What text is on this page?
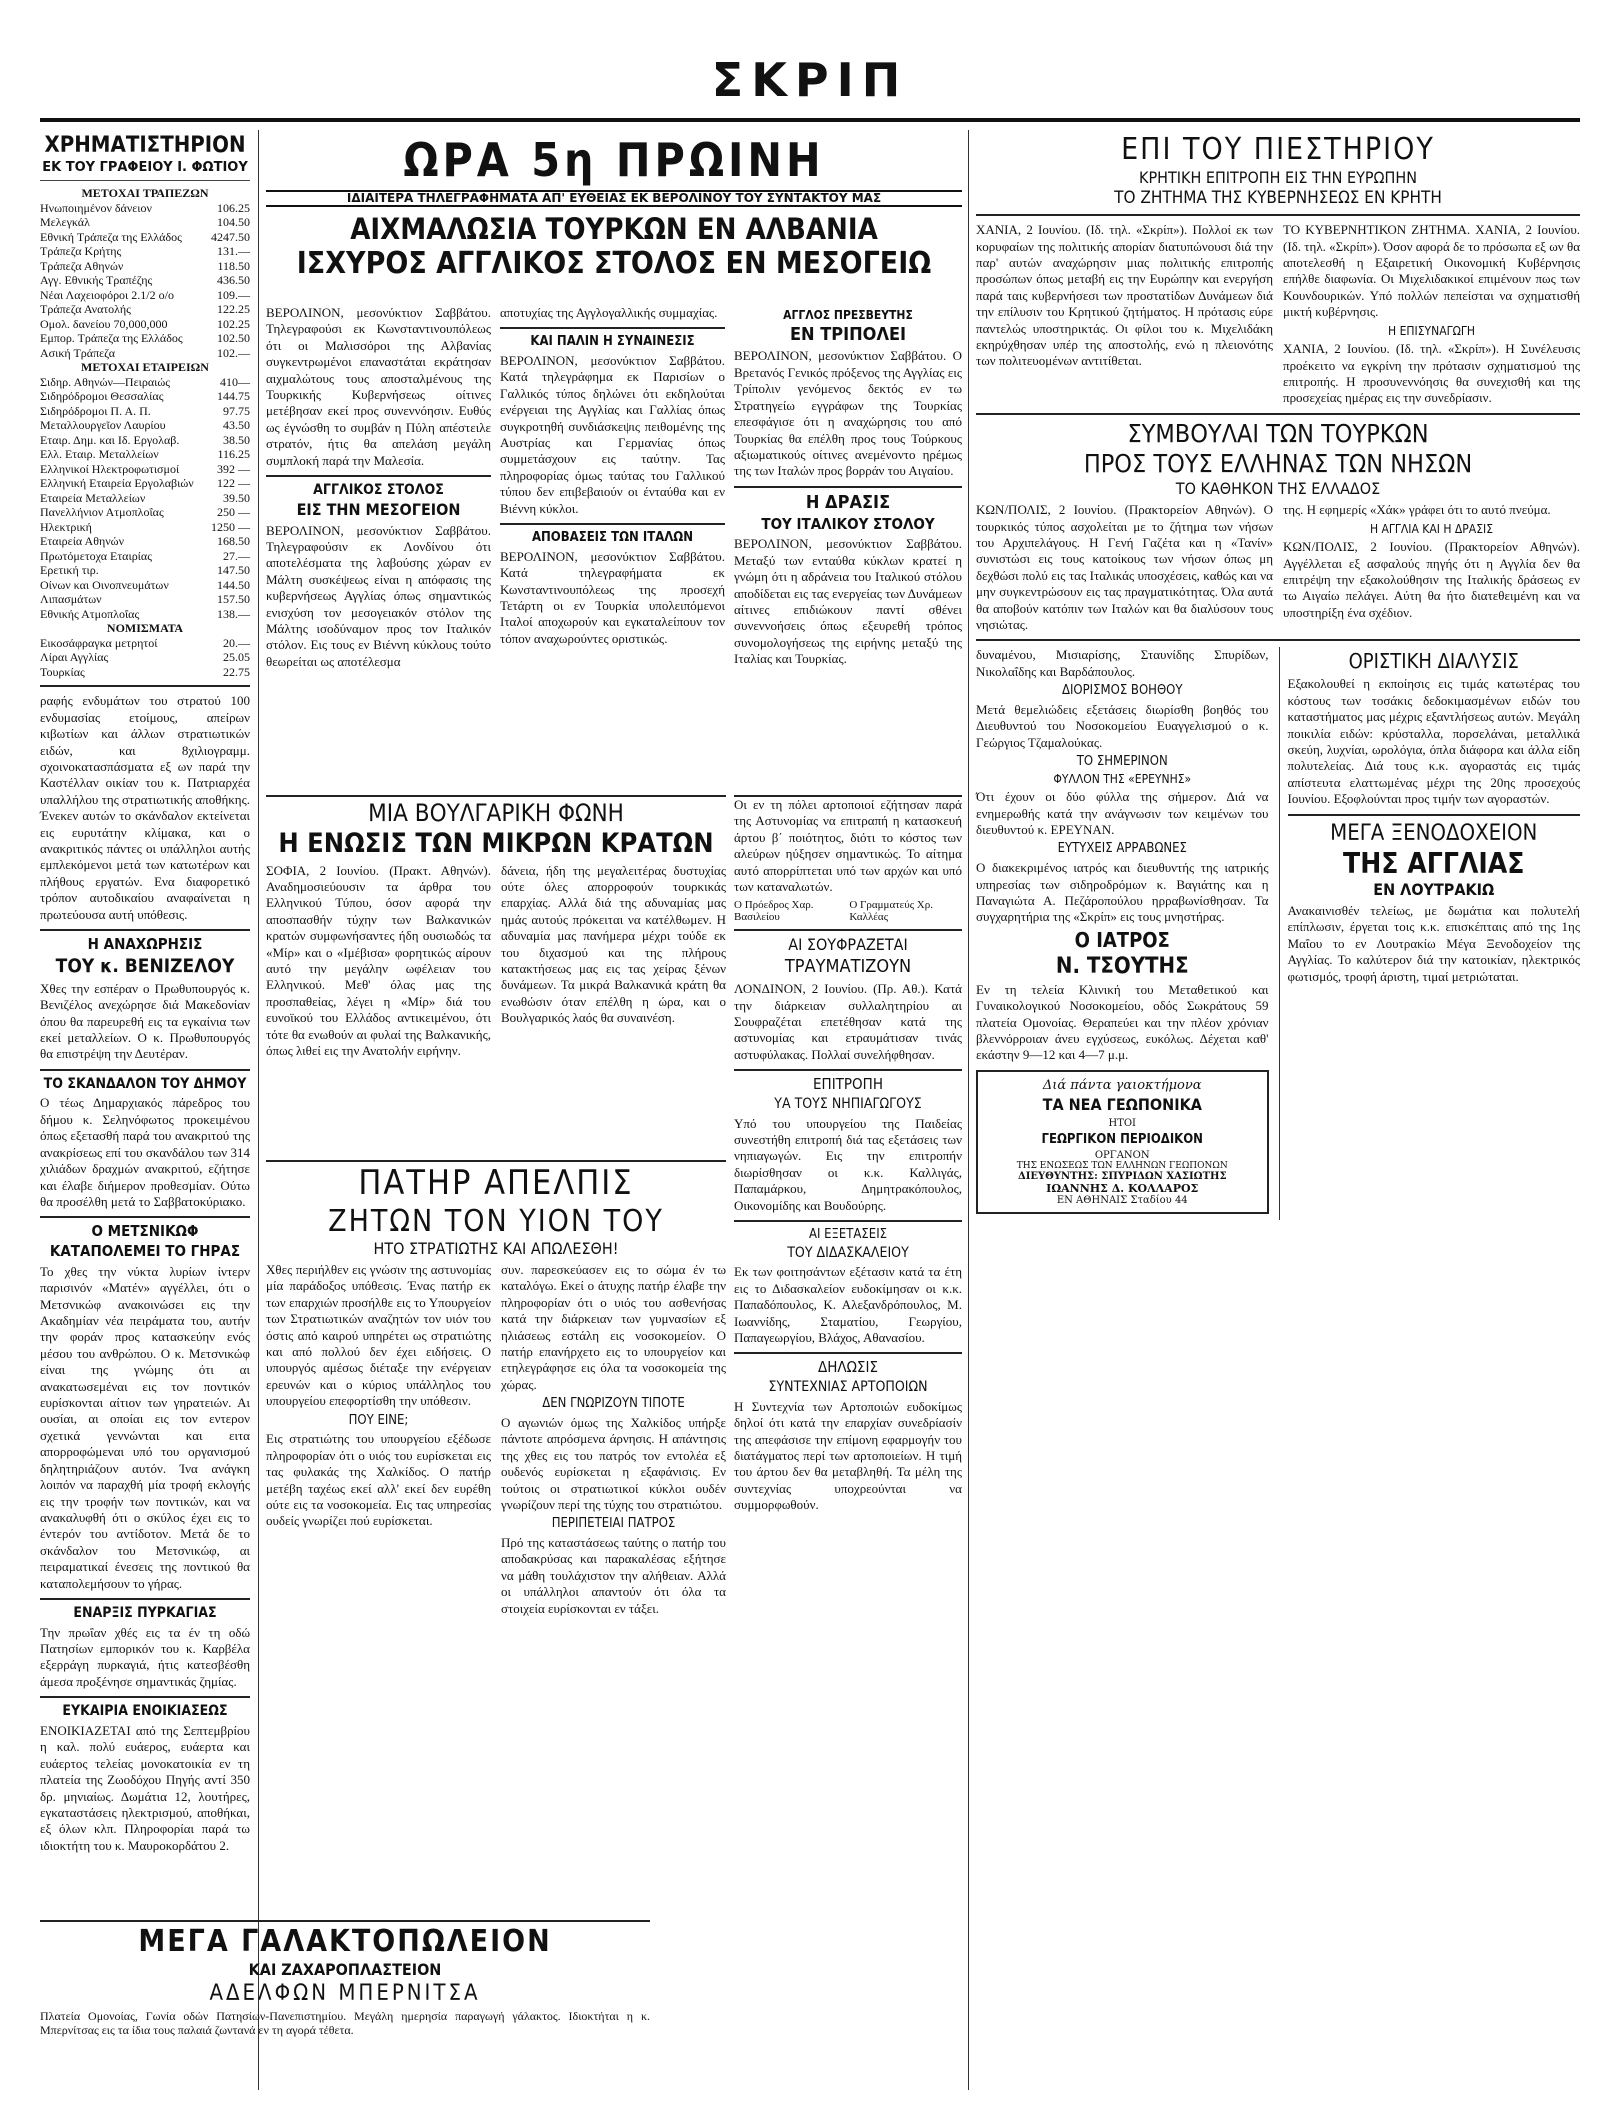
ΣΚΡΙΠ
ΧΡΗΜΑΤΙΣΤΗΡΙΟΝ
ΕΚ ΤΟΥ ΓΡΑΦΕΙΟΥ Ι. ΦΩΤΙΟΥ
ΜΕΤΟΧΑΙ ΤΡΑΠΕΖΩΝ
Ηνωποιημένον δάνειον	106.25
Μελεγκάλ	104.50
Εθνική Τράπεζα της Ελλάδος 4247.50
Τράπεζα Κρήτης	131.—
Τράπεζα Αθηνών	118.50
Αγγ. Εθνικής Τραπέζης	436.50
Νέαι Λαχειοφόροι 2.1/2 ο/ο	109.—
Τράπεζα Ανατολής	122.25
Ομολ. δανείου 70,000,000	102.25
Εμπορ. Τράπεζα της Ελλάδος	102.50
Ασική Τράπεζα	102.—
ΜΕΤΟΧΑΙ ΕΤΑΙΡΕΙΩΝ
Σιδηρ. Αθηνών—Πειραιώς	410—
Σιδηρόδρομοι Θεσσαλίας	144.75
Σιδηρόδρομοι Π. Α. Π.	97.75
Μεταλλουργεῖον Λαυρίου	43.50
Εταιρ. Δημ. και Ιδ. Εργολαβ.	38.50
Ελλ. Εταιρ. Μεταλλείων	116.25
Ελληνικοί Ηλεκτροφωτισμοί	392 —
Ελληνική Εταιρεία Εργολαβιών 122 —
Εταιρεία Μεταλλείων	39.50
Πανελλήνιον Ατμοπλοΐας	250 —
Ηλεκτρική	1250 —
Εταιρεία Αθηνών	168.50
Πρωτόμετοχα Εταιρίας	27.—
Ερετική τιρ.	147.50
Οίνων και Οινοπνευμάτων	144.50
Λιπασμάτων	157.50
Εθνικής Ατμοπλοΐας	138.—
ΝΟΜΙΣΜΑΤΑ
Εικοσάφραγκα μετρητοί	20.—
Λίραι Αγγλίας	25.05
Τουρκίας	22.75

ραφής ενδυμάτων του στρατού 100 ενδυμασίας ετοίμους, απείρων κιβωτίων και άλλων στρατιωτικών ειδών, και 8χιλιογραμμ. σχοινοκατασπάσματα εξ ων παρά την Καστέλλαν οικίαν του κ. Πατριαρχέα υπαλλήλου της στρατιωτικής αποθήκης. Ένεκεν αυτών το σκάνδαλον εκτείνεται εις ευρυτάτην κλίμακα, και ο ανακριτικός πάντες οι υπάλληλοι αυτής εμπλεκόμενοι μετά των κατωτέρων και πλήθους εργατών. Ενα διαφορετικό τρόπον αυτοδικαίου αναφαίνεται η πρωτεύουσα αυτή υπόθεσις.

Η ΑΝΑΧΩΡΗΣΙΣ
ΤΟΥ κ. ΒΕΝΙΖΕΛΟΥ

Χθες την εσπέραν ο Πρωθυπουργός κ. Βενιζέλος ανεχώρησε διά Μακεδονίαν όπου θα παρευρεθή εις τα εγκαίνια των εκεί μεταλλείων. Ο κ. Πρωθυπουργός θα επιστρέψη την Δευτέραν.

ΤΟ ΣΚΑΝΔΑΛΟΝ ΤΟΥ ΔΗΜΟΥ

Ο τέως Δημαρχιακός πάρεδρος του δήμου κ. Σεληνόφωτος προκειμένου όπως εξετασθή παρά του ανακριτού της ανακρίσεως επί του σκανδάλου των 314 χιλιάδων δραχμών ανακριτού, εζήτησε και έλαβε διήμερον προθεσμίαν. Ούτω θα προσέλθη μετά το Σαββατοκύριακο.

Ο ΜΕΤΣΝΙΚΩΦ
ΚΑΤΑΠΟΛΕΜΕΙ ΤΟ ΓΗΡΑΣ

Το χθες την νύκτα λυρίων ίντερν παρισινόν «Ματέν» αγγέλλει, ότι ο Μετσνικώφ ανακοινώσει εις την Ακαδημίαν νέα πειράματα του, αυτήν την φοράν προς κατασκεύην ενός μέσου του ανθρώπου. Ο κ. Μετσνικώφ είναι της γνώμης ότι αι ανακατωσεμέναι εις τον ποντικόν ευρίσκονται αίτιον των γηρατειών. Αι ουσίαι, αι οποίαι εις τον εντερον σχετικά γεννώνται και ειτα απορροφώμεναι υπό του οργανισμού δηλητηριάζουν αυτόν. Ίνα ανάγκη λοιπόν να παραχθή μία τροφή εκλογής εις την τροφήν των ποντικών, και να ανακαλυφθή ότι ο σκύλος έχει εις το έντερόν του αντίδοτον. Μετά δε το σκάνδαλον του Μετσνικώφ, αι πειραματικαί ένεσεις της ποντικού θα καταπολεμήσουν το γήρας.

ΕΝΑΡΞΙΣ ΠΥΡΚΑΓΙΑΣ

Την πρωΐαν χθές εις τα έν τη οδώ Πατησίων εμπορικόν του κ. Καρβέλα εξερράγη πυρκαγιά, ήτις κατεσβέσθη άμεσα προξένησε σημαντικάς ζημίας.

ΕΥΚΑΙΡΙΑ ΕΝΟΙΚΙΑΣΕΩΣ

ΕΝΟΙΚΙΑΖΕΤΑΙ από της Σεπτεμβρίου η καλ. πολύ ευάερος, ευάερτα και ευάερτος τελείας μονοκατοικία εν τη πλατεία της Ζωοδόχου Πηγής αντί 350 δρ. μηνιαίως. Δωμάτια 12, λουτήρες, εγκαταστάσεις ηλεκτρισμού, αποθήκαι, εξ όλων κλπ. Πληροφορίαι παρά τω ιδιοκτήτη του κ. Μαυροκορδάτου 2.

ΜΕΓΑ ΓΑΛΑΚΤΟΠΩΛΕΙΟΝ
ΚΑΙ ΖΑΧΑΡΟΠΛΑΣΤΕΙΟΝ
ΑΔΕΛΦΩΝ ΜΠΕΡΝΙΤΣΑ

Πλατεία Ομονοίας, Γωνία οδών Πατησίων-Πανεπιστημίου. Μεγάλη ημερησία παραγωγή γάλακτος. Ιδιοκτήται η κ. Μπερνίτσας εις τα ίδια τους παλαιά ζωντανά εν τη αγορά τέθετα.

ΩΡΑ 5η ΠΡΩΙΝΗ
ΙΔΙΑΙΤΕΡΑ ΤΗΛΕΓΡΑΦΗΜΑΤΑ ΑΠ' ΕΥΘΕΙΑΣ ΕΚ ΒΕΡΟΛΙΝΟΥ ΤΟΥ ΣΥΝΤΑΚΤΟΥ ΜΑΣ
ΑΙΧΜΑΛΩΣΙΑ ΤΟΥΡΚΩΝ ΕΝ ΑΛΒΑΝΙΑ
ΙΣΧΥΡΟΣ ΑΓΓΛΙΚΟΣ ΣΤΟΛΟΣ ΕΝ ΜΕΣΟΓΕΙΩ

ΒΕΡΟΛΙΝΟΝ, μεσονύκτιον Σαββάτου. Τηλεγραφούσι εκ Κωνσταντινουπόλεως ότι οι Μαλισσόροι της Αλβανίας συγκεντρωμένοι επαναστάται εκράτησαν αιχμαλώτους τους αποσταλμένους της Τουρκικής Κυβερνήσεως οίτινες μετέβησαν εκεί προς συνεννόησιν. Ευθύς ως έγνώσθη το συμβάν η Πύλη απέστειλε στρατόν, ήτις θα απελάση μεγάλη συμπλοκή παρά την Μαλεσία.

ΑΓΓΛΙΚΟΣ ΣΤΟΛΟΣ
ΕΙΣ ΤΗΝ ΜΕΣΟΓΕΙΟΝ

ΒΕΡΟΛΙΝΟΝ, μεσονύκτιον Σαββάτου. Τηλεγραφούσιν εκ Λονδίνου ότι αποτελέσματα της λαβούσης χώραν εν Μάλτη συσκέψεως είναι η απόφασις της κυβερνήσεως Αγγλίας όπως σημαντικώς ενισχύση τον μεσογειακόν στόλον της Μάλτης ισοδύναμον προς τον Ιταλικόν στόλον. Εις τους εν Βιέννη κύκλους τούτο θεωρείται ως αποτέλεσμα

αποτυχίας της Αγγλογαλλικής συμμαχίας.

ΚΑΙ ΠΑΛΙΝ Η ΣΥΝΑΙΝΕΣΙΣ

ΒΕΡΟΛΙΝΟΝ, μεσονύκτιον Σαββάτου. Κατά τηλεγράφημα εκ Παρισίων ο Γαλλικός τύπος δηλώνει ότι εκδηλούται ενέργειαι της Αγγλίας και Γαλλίας όπως συγκροτηθή συνδιάσκεψις πειθομένης της Αυστρίας και Γερμανίας όπως συμμετάσχουν εις ταύτην. Τας πληροφορίας όμως ταύτας του Γαλλικού τύπου δεν επιβεβαιούν οι ένταύθα και εν Βιέννη κύκλοι.

ΑΠΟΒΑΣΕΙΣ ΤΩΝ ΙΤΑΛΩΝ

ΒΕΡΟΛΙΝΟΝ, μεσονύκτιον Σαββάτου. Κατά τηλεγραφήματα εκ Κωνσταντινουπόλεως της προσεχή Τετάρτη οι εν Τουρκία υπολειπόμενοι Ιταλοί αποχωρούν και εγκαταλείπουν τον τόπον αναχωρούντες οριστικώς.

ΑΓΓΛΟΣ ΠΡΕΣΒΕΥΤΗΣ
ΕΝ ΤΡΙΠΟΛΕΙ

ΒΕΡΟΛΙΝΟΝ, μεσονύκτιον Σαββάτου. Ο Βρετανός Γενικός πρόξενος της Αγγλίας εις Τρίπολιν γενόμενος δεκτός εν τω Στρατηγείω εγγράφων της Τουρκίας επεσφάγισε ότι η αναχώρησις του από Τουρκίας θα επέλθη προς τους Τούρκους αξιωματικούς οίτινες ανεμένοντο ηρέμως της των Ιταλών προς βορράν του Αιγαίου.

Η ΔΡΑΣΙΣ
ΤΟΥ ΙΤΑΛΙΚΟΥ ΣΤΟΛΟΥ

ΒΕΡΟΛΙΝΟΝ, μεσονύκτιον Σαββάτου. Μεταξύ των ενταύθα κύκλων κρατεί η γνώμη ότι η αδράνεια του Ιταλικού στόλου αποδίδεται εις τας ενεργείας των Δυνάμεων αίτινες επιδιώκουν παντί σθένει συνεννοήσεις όπως εξευρεθή τρόπος συνομολογήσεως της ειρήνης μεταξύ της Ιταλίας και Τουρκίας.

ΜΙΑ ΒΟΥΛΓΑΡΙΚΗ ΦΩΝΗ
Η ΕΝΩΣΙΣ ΤΩΝ ΜΙΚΡΩΝ ΚΡΑΤΩΝ

ΣΟΦΙΑ, 2 Ιουνίου. (Πρακτ. Αθηνών). Αναδημοσιεύουσιν τα άρθρα του Ελληνικού Τύπου, όσον αφορά την αποσπασθήν τύχην των Βαλκανικών κρατών συμφωνήσαντες ήδη ουσιωδώς τα «Μίρ» και ο «Ιμέβισα» φορητικώς αίρουν αυτό την μεγάλην ωφέλειαν του Ελληνικού. Μεθ' όλας μας της προσπαθείας, λέγει η «Μίρ» διά του ευνοϊκού του Ελλάδος αντικειμένου, ότι τότε θα ενωθούν αι φυλαί της Βαλκανικής, όπως λιθεί εις την Ανατολήν ειρήνην.

δάνεια, ήδη της μεγαλειτέρας δυστυχίας ούτε όλες απορροφούν τουρκικάς επαρχίας. Αλλά διά της αδυναμίας μας ημάς αυτούς πρόκειται να κατέλθωμεν. Η αδυναμία μας πανήμερα μέχρι τούδε εκ του διχασμού και της πλήρους κατακτήσεως μας εις τας χείρας ξένων δυνάμεων. Τα μικρά Βαλκανικά κράτη θα ενωθώσιν όταν επέλθη η ώρα, και ο Βουλγαρικός λαός θα συναινέση.

ΠΑΤΗΡ ΑΠΕΛΠΙΣ
ΖΗΤΩΝ ΤΟΝ ΥΙΟΝ ΤΟΥ
ΗΤΟ ΣΤΡΑΤΙΩΤΗΣ ΚΑΙ ΑΠΩΛΕΣΘΗ!

Χθες περιήλθεν εις γνώσιν της αστυνομίας μία παράδοξος υπόθεσις. Ένας πατήρ εκ των επαρχιών προσήλθε εις το Υπουργείον των Στρατιωτικών αναζητών τον υιόν του όστις από καιρού υπηρέτει ως στρατιώτης και από πολλού δεν έχει ειδήσεις. Ο υπουργός αμέσως διέταξε την ενέργειαν ερευνών και ο κύριος υπάλληλος του υπουργείου επεφορτίσθη την υπόθεσιν.

ΠΟΥ ΕΙΝΕ;

Εις στρατιώτης του υπουργείου εξέδωσε πληροφορίαν ότι ο υιός του ευρίσκεται εις τας φυλακάς της Χαλκίδος. Ο πατήρ μετέβη ταχέως εκεί αλλ' εκεί δεν ευρέθη ούτε εις τα νοσοκομεία. Εις τας υπηρεσίας ουδείς γνωρίζει πού ευρίσκεται.

συν. παρεσκεύασεν εις το σώμα έν τω καταλόγω. Εκεί ο άτυχης πατήρ έλαβε την πληροφορίαν ότι ο υιός του ασθενήσας κατά την διάρκειαν των γυμνασίων εξ ηλιάσεως εστάλη εις νοσοκομείον. Ο πατήρ επανήρχετο εις το υπουργείον και ετηλεγράφησε εις όλα τα νοσοκομεία της χώρας.

ΔΕΝ ΓΝΩΡΙΖΟΥΝ ΤΙΠΟΤΕ

Ο αγωνιών όμως της Χαλκίδος υπήρξε πάντοτε απρόσμενα άρνησις. Η απάντησις της χθες εις του πατρός τον εντολέα εξ ουδενός ευρίσκεται η εξαφάνισις. Εν τούτοις οι στρατιωτικοί κύκλοι ουδέν γνωρίζουν περί της τύχης του στρατιώτου.

ΠΕΡΙΠΕΤΕΙΑΙ ΠΑΤΡΟΣ

Πρό της καταστάσεως ταύτης ο πατήρ του αποδακρύσας και παρακαλέσας εξήτησε να μάθη τουλάχιστον την αλήθειαν. Αλλά οι υπάλληλοι απαντούν ότι όλα τα στοιχεία ευρίσκονται εν τάξει.

Οι εν τη πόλει αρτοποιοί εζήτησαν παρά της Αστυνομίας να επιτραπή η κατασκευή άρτου β΄ ποιότητος, διότι το κόστος των αλεύρων ηύξησεν σημαντικώς. Το αίτημα αυτό απορρίπτεται υπό των αρχών και υπό των καταναλωτών.

Ο Πρόεδρος Χαρ. Βασιλείου
Ο Γραμματεύς Χρ. Καλλέας
ΑΙ ΣΟΥΦΡΑΖΕΤΑΙ
ΤΡΑΥΜΑΤΙΖΟΥΝ

ΛΟΝΔΙΝΟΝ, 2 Ιουνίου. (Πρ. Αθ.). Κατά την διάρκειαν συλλαλητηρίου αι Σουφραζέται επετέθησαν κατά της αστυνομίας και ετραυμάτισαν τινάς αστυφύλακας. Πολλαί συνελήφθησαν.

ΕΠΙΤΡΟΠΗ
ΥΑ ΤΟΥΣ ΝΗΠΙΑΓΩΓΟΥΣ

Υπό του υπουργείου της Παιδείας συνεστήθη επιτροπή διά τας εξετάσεις των νηπιαγωγών. Εις την επιτροπήν διωρίσθησαν οι κ.κ. Καλλιγάς, Παπαμάρκου, Δημητρακόπουλος, Οικονομίδης και Βουδούρης.

ΑΙ ΕΞΕΤΑΣΕΙΣ
ΤΟΥ ΔΙΔΑΣΚΑΛΕΙΟΥ

Εκ των φοιτησάντων εξέτασιν κατά τα έτη εις το Διδασκαλείον ευδοκίμησαν οι κ.κ. Παπαδόπουλος, Κ. Αλεξανδρόπουλος, Μ. Ιωαννίδης, Σταματίου, Γεωργίου, Παπαγεωργίου, Βλάχος, Αθανασίου.

ΔΗΛΩΣΙΣ
ΣΥΝΤΕΧΝΙΑΣ ΑΡΤΟΠΟΙΩΝ

Η Συντεχνία των Αρτοποιών ευδοκίμως δηλοί ότι κατά την επαρχίαν συνεδρίασίν της απεφάσισε την επίμονη εφαρμογήν του διατάγματος περί των αρτοποιείων. Η τιμή του άρτου δεν θα μεταβληθή. Τα μέλη της συντεχνίας υποχρεούνται να συμμορφωθούν.

ΕΠΙ ΤΟΥ ΠΙΕΣΤΗΡΙΟΥ
ΚΡΗΤΙΚΗ ΕΠΙΤΡΟΠΗ ΕΙΣ ΤΗΝ ΕΥΡΩΠΗΝ
ΤΟ ΖΗΤΗΜΑ ΤΗΣ ΚΥΒΕΡΝΗΣΕΩΣ ΕΝ ΚΡΗΤΗ

ΧΑΝΙΑ, 2 Ιουνίου. (Ιδ. τηλ. «Σκρίπ»). Πολλοί εκ των κορυφαίων της πολιτικής απορίαν διατυπώνουσι διά την παρ' αυτών αναχώρησιν μιας πολιτικής επιτροπής προσώπων όπως μεταβή εις την Ευρώπην και ενεργήση παρά ταις κυβερνήσεσι των προστατίδων Δυνάμεων διά την επίλυσιν του Κρητικού ζητήματος. Η πρότασις εύρε παντελώς υποστηρικτάς. Οι φίλοι του κ. Μιχελιδάκη εκηρύχθησαν υπέρ της αποστολής, ενώ η πλειονότης των πολιτευομένων αντιτίθεται.

ΤΟ ΚΥΒΕΡΝΗΤΙΚΟΝ ΖΗΤΗΜΑ. ΧΑΝΙΑ, 2 Ιουνίου. (Ιδ. τηλ. «Σκρίπ»). Όσον αφορά δε το πρόσωπα εξ ων θα αποτελεσθή η Εξαιρετική Οικονομική Κυβέρνησις επήλθε διαφωνία. Οι Μιχελιδακικοί επιμένουν πως των Κουνδουρικών. Υπό πολλών πεπείσται να σχηματισθή μικτή κυβέρνησις.

Η ΕΠΙΣΥΝΑΓΩΓΗ

ΧΑΝΙΑ, 2 Ιουνίου. (Ιδ. τηλ. «Σκρίπ»). Η Συνέλευσις προέκειτο να εγκρίνη την πρότασιν σχηματισμού της επιτροπής. Η προσυνεννόησις θα συνεχισθή και της προσεχείας ημέρας εις την συνεδρίασιν.

ΣΥΜΒΟΥΛΑΙ ΤΩΝ ΤΟΥΡΚΩΝ
ΠΡΟΣ ΤΟΥΣ ΕΛΛΗΝΑΣ ΤΩΝ ΝΗΣΩΝ
ΤΟ ΚΑΘΗΚΟΝ ΤΗΣ ΕΛΛΑΔΟΣ

ΚΩΝ/ΠΟΛΙΣ, 2 Ιουνίου. (Πρακτορείον Αθηνών). Ο τουρκικός τύπος ασχολείται με το ζήτημα των νήσων του Αρχιπελάγους. Η Γενή Γαζέτα και η «Τανίν» συνιστώσι εις τους κατοίκους των νήσων όπως μη δεχθώσι πολύ εις τας Ιταλικάς υποσχέσεις, καθώς και να μην συγκεντρώσουν εις τας πραγματικότητας. Όλα αυτά θα αποβούν κατόπιν των Ιταλών και θα διαλύσουν τους νησιώτας.

της. Η εφημερίς «Χάκ» γράφει ότι το αυτό πνεύμα.

Η ΑΓΓΛΙΑ ΚΑΙ Η ΔΡΑΣΙΣ

ΚΩΝ/ΠΟΛΙΣ, 2 Ιουνίου. (Πρακτορείον Αθηνών). Αγγέλλεται εξ ασφαλούς πηγής ότι η Αγγλία δεν θα επιτρέψη την εξακολούθησιν της Ιταλικής δράσεως εν τω Αιγαίω πελάγει. Αύτη θα ήτο διατεθειμένη και να υποστηρίξη ένα σχέδιον.

δυναμένου, Μισιαρίσης, Σταυνίδης Σπυρίδων, Νικολαΐδης και Βαρδάπουλος.

ΔΙΟΡΙΣΜΟΣ ΒΟΗΘΟΥ

Μετά θεμελιώδεις εξετάσεις διωρίσθη βοηθός του Διευθυντού του Νοσοκομείου Ευαγγελισμού ο κ. Γεώργιος Τζαμαλούκας.

ΤΟ ΣΗΜΕΡΙΝΟΝ
ΦΥΛΛΟΝ ΤΗΣ «ΕΡΕΥΝΗΣ»

Ότι έχουν οι δύο φύλλα της σήμερον. Διά να ενημερωθής κατά την ανάγνωσιν των κειμένων του διευθυντού κ. ΕΡΕΥΝΑΝ.

ΕΥΤΥΧΕΙΣ ΑΡΡΑΒΩΝΕΣ

Ο διακεκριμένος ιατρός και διευθυντής της ιατρικής υπηρεσίας των σιδηροδρόμων κ. Βαγιάτης και η Παναγιώτα Α. Πεζάροπούλου ηρραβωνίσθησαν. Τα συγχαρητήρια της «Σκρίπ» εις τους μνηστήρας.

Ο ΙΑΤΡΟΣ
Ν. ΤΣΟΥΤΗΣ

Εν τη τελεία Κλινική του Μεταθετικού και Γυναικολογικού Νοσοκομείου, οδός Σωκράτους 59 πλατεία Ομονοίας. Θεραπεύει και την πλέον χρόνιαν βλεννόρροιαν άνευ εγχύσεως, ευκόλως. Δέχεται καθ' εκάστην 9—12 και 4—7 μ.μ.

Διά πάντα γαιοκτήμονα
ΤΑ ΝΕΑ ΓΕΩΠΟΝΙΚΑ
ΗΤΟΙ
ΓΕΩΡΓΙΚΟΝ ΠΕΡΙΟΔΙΚΟΝ
ΟΡΓΑΝΟΝ
ΤΗΣ ΕΝΩΣΕΩΣ ΤΩΝ ΕΛΛΗΝΩΝ ΓΕΩΠΟΝΩΝ
ΔΙΕΥΘΥΝΤΗΣ: ΣΠΥΡΙΔΩΝ ΧΑΣΙΩΤΗΣ
ΙΩΑΝΝΗΣ Δ. ΚΟΛΛΑΡΟΣ
ΕΝ ΑΘΗΝΑΙΣ Σταδίου 44
ΟΡΙΣΤΙΚΗ ΔΙΑΛΥΣΙΣ

Εξακολουθεί η εκποίησις εις τιμάς κατωτέρας του κόστους των τοσάκις δεδοκιμασμένων ειδών του καταστήματος μας μέχρις εξαντλήσεως αυτών. Μεγάλη ποικιλία ειδών: κρύσταλλα, πορσελάναι, μεταλλικά σκεύη, λυχνίαι, ωρολόγια, όπλα διάφορα και άλλα είδη πολυτελείας. Διά τους κ.κ. αγοραστάς εις τιμάς απίστευτα ελαττωμένας μέχρι της 20ης προσεχούς Ιουνίου. Εξοφλούνται προς τιμήν των αγοραστών.

ΜΕΓΑ ΞΕΝΟΔΟΧΕΙΟΝ
ΤΗΣ ΑΓΓΛΙΑΣ
ΕΝ ΛΟΥΤΡΑΚΙΩ

Ανακαινισθέν τελείως, με δωμάτια και πολυτελή επίπλωσιν, έργεται τοις κ.κ. επισκέπταις από της 1ης Μαΐου το εν Λουτρακίω Μέγα Ξενοδοχείον της Αγγλίας. Το καλύτερον διά την κατοικίαν, ηλεκτρικός φωτισμός, τροφή άριστη, τιμαί μετριώταται.
